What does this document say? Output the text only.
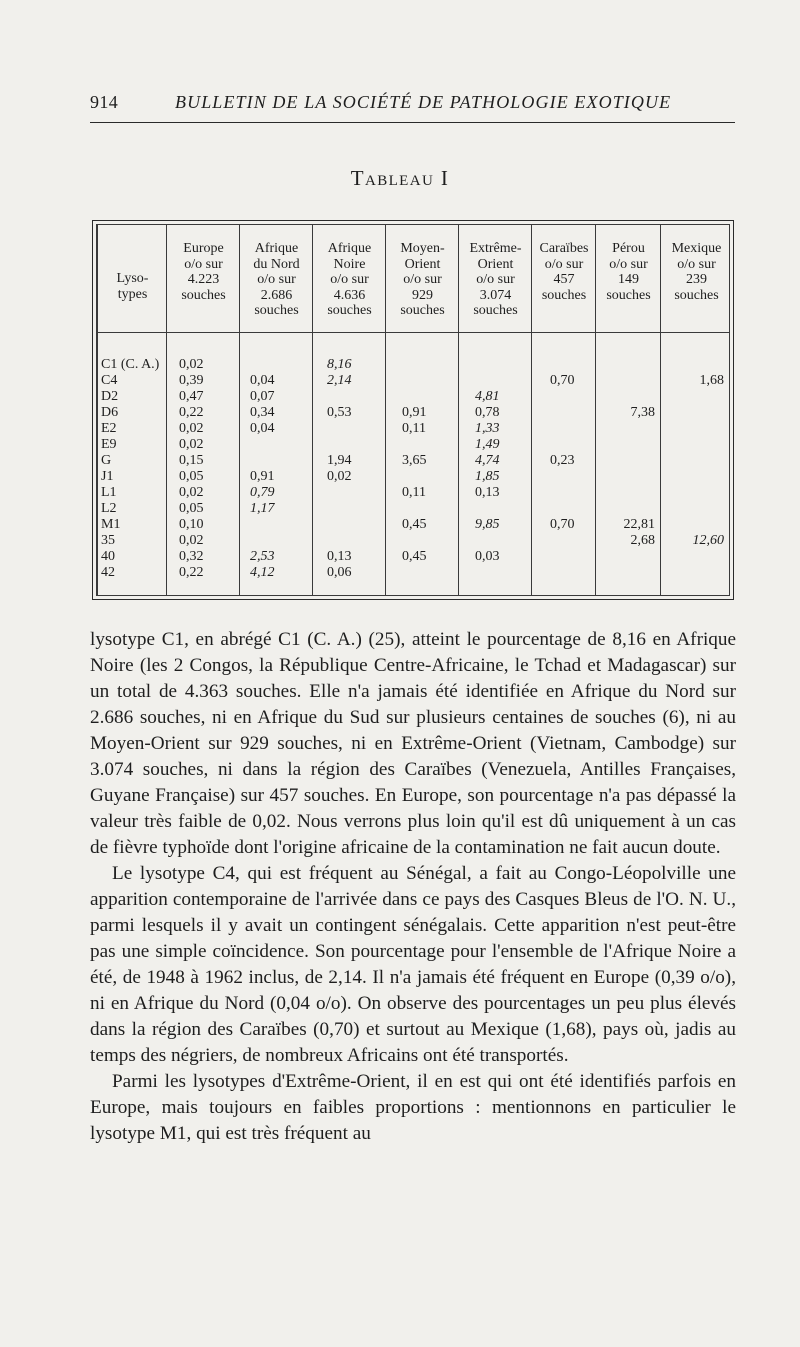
914	BULLETIN DE LA SOCIÉTÉ DE PATHOLOGIE EXOTIQUE
Tableau I
Lyso-
types
C1 (C. A.)
C4
D2
D6
E2
E9
G
J1
L1
L2
M1
35
40
42
Europe
o/o sur
4.223
souches
0,02
0,39
0,47
0,22
0,02
0,02
0,15
0,05
0,02
0,05
0,10
0,02
0,32
0,22
Afrique
du Nord
o/o sur
2.686
souches
0,04
0,07
0,34
0,04
0,91
0,79
1,17
2,53
4,12
Afrique
Noire
o/o sur
4.636
souches
8,16
2,14
0,53
1,94
0,02
0,13
0,06
Moyen-
Orient
o/o sur
929
souches
0,91
0,11
3,65
0,11
0,45
0,45
Extrême-
Orient
o/o sur
3.074
souches
4,81
0,78
1,33
1,49
4,74
1,85
0,13
9,85
0,03
Caraïbes
o/o sur
457
souches
0,70
0,23
0,70
Pérou
o/o sur
149
souches
7,38
22,81
2,68
Mexique
o/o sur
239
souches
1,68
12,60

lysotype C1, en abrégé C1 (C. A.) (25), atteint le pourcentage de 8,16 en Afrique Noire (les 2 Congos, la République Centre-Africaine, le Tchad et Madagascar) sur un total de 4.363 souches. Elle n'a jamais été identifiée en Afrique du Nord sur 2.686 souches, ni en Afrique du Sud sur plusieurs centaines de souches (6), ni au Moyen-Orient sur 929 souches, ni en Extrême-Orient (Vietnam, Cambodge) sur 3.074 souches, ni dans la région des Caraïbes (Venezuela, Antilles Françaises, Guyane Française) sur 457 souches. En Europe, son pourcentage n'a pas dépassé la valeur très faible de 0,02. Nous verrons plus loin qu'il est dû uniquement à un cas de fièvre typhoïde dont l'origine africaine de la contamination ne fait aucun doute.

Le lysotype C4, qui est fréquent au Sénégal, a fait au Congo-Léopolville une apparition contemporaine de l'arrivée dans ce pays des Casques Bleus de l'O. N. U., parmi lesquels il y avait un contingent sénégalais. Cette apparition n'est peut-être pas une simple coïncidence. Son pourcentage pour l'ensemble de l'Afrique Noire a été, de 1948 à 1962 inclus, de 2,14. Il n'a jamais été fréquent en Europe (0,39 o/o), ni en Afrique du Nord (0,04 o/o). On observe des pourcentages un peu plus élevés dans la région des Caraïbes (0,70) et surtout au Mexique (1,68), pays où, jadis au temps des négriers, de nombreux Africains ont été transportés.

Parmi les lysotypes d'Extrême-Orient, il en est qui ont été identifiés parfois en Europe, mais toujours en faibles proportions : mentionnons en particulier le lysotype M1, qui est très fréquent au
